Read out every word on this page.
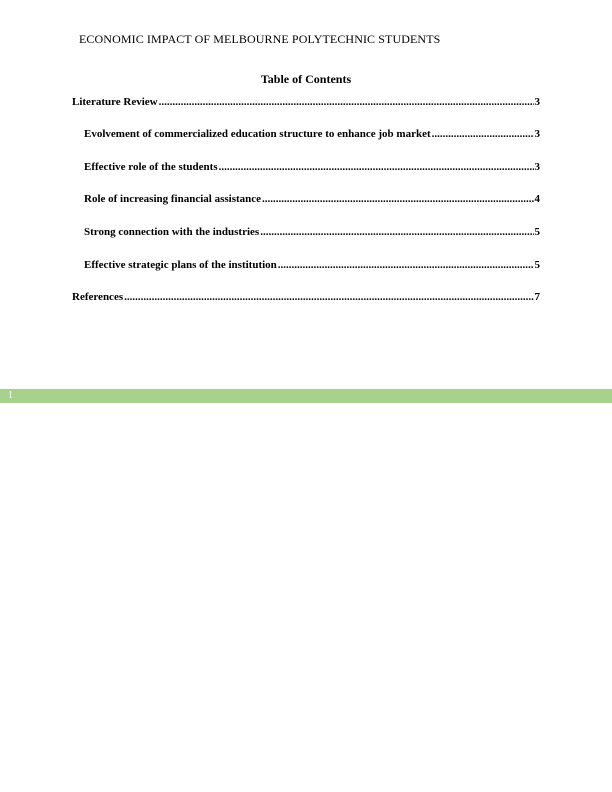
ECONOMIC IMPACT OF MELBOURNE POLYTECHNIC STUDENTS
Table of Contents
Literature Review .....	3
Evolvement of commercialized education structure to enhance job market .....	3
Effective role of the students .....	3
Role of increasing financial assistance .....	4
Strong connection with the industries .....	5
Effective strategic plans of the institution .....	5
References .....	7
1
